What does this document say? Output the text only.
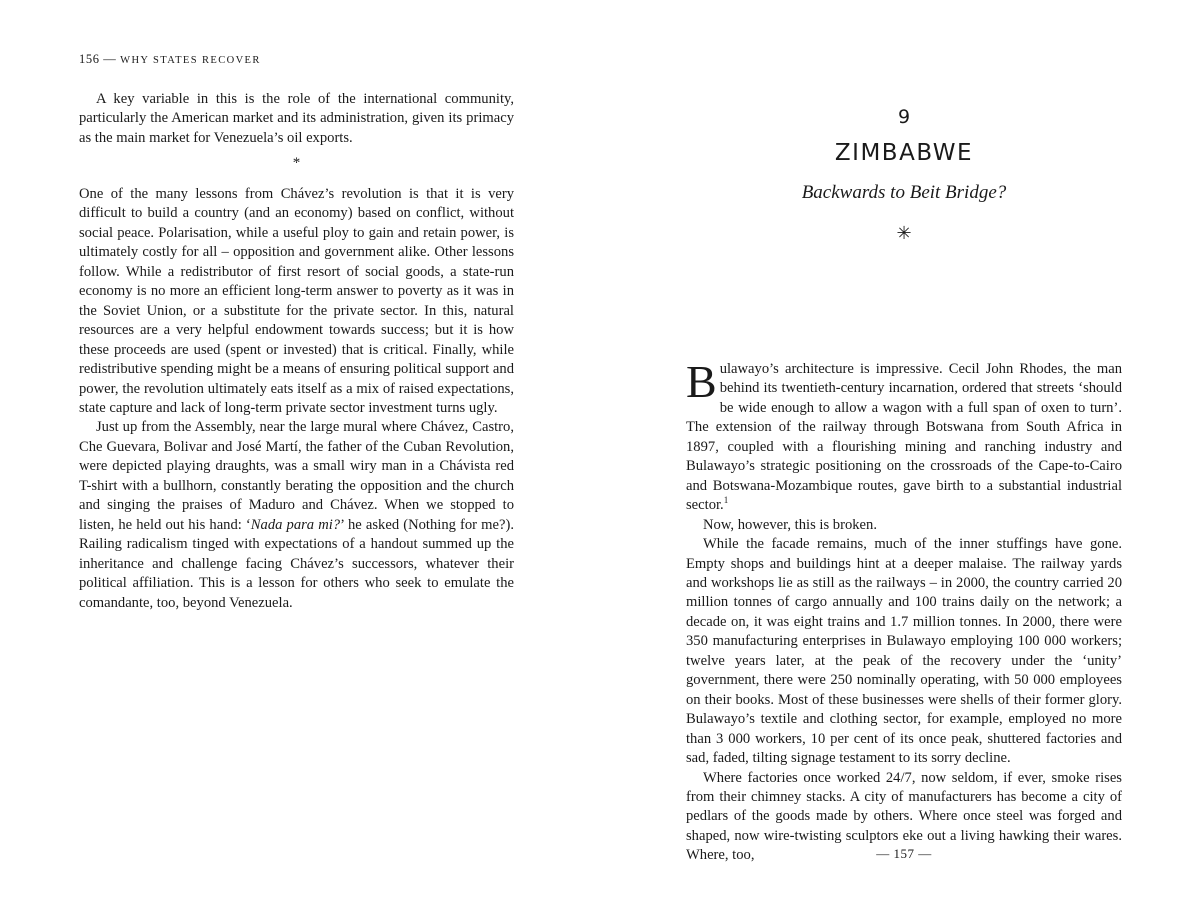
156 — WHY STATES RECOVER

A key variable in this is the role of the international community, particularly the American market and its administration, given its primacy as the main market for Venezuela’s oil exports.

*

One of the many lessons from Chávez’s revolution is that it is very difficult to build a country (and an economy) based on conflict, without social peace. Polarisation, while a useful ploy to gain and retain power, is ultimately costly for all – opposition and government alike. Other lessons follow. While a redistributor of first resort of social goods, a state-run economy is no more an efficient long-term answer to poverty as it was in the Soviet Union, or a substitute for the private sector. In this, natural resources are a very helpful endowment towards success; but it is how these proceeds are used (spent or invested) that is critical. Finally, while redistributive spending might be a means of ensuring political support and power, the revolution ultimately eats itself as a mix of raised expectations, state capture and lack of long-term private sector investment turns ugly.

Just up from the Assembly, near the large mural where Chávez, Castro, Che Guevara, Bolivar and José Martí, the father of the Cuban Revolution, were depicted playing draughts, was a small wiry man in a Chávista red T-shirt with a bullhorn, constantly berating the opposition and the church and singing the praises of Maduro and Chávez. When we stopped to listen, he held out his hand: ‘Nada para mi?’ he asked (Nothing for me?). Railing radicalism tinged with expectations of a handout summed up the inheritance and challenge facing Chávez’s successors, whatever their political affiliation. This is a lesson for others who seek to emulate the comandante, too, beyond Venezuela.

9
ZIMBABWE
Backwards to Beit Bridge?
✳

Bulawayo’s architecture is impressive. Cecil John Rhodes, the man behind its twentieth-century incarnation, ordered that streets ‘should be wide enough to allow a wagon with a full span of oxen to turn’. The extension of the railway through Botswana from South Africa in 1897, coupled with a flourishing mining and ranching industry and Bulawayo’s strategic positioning on the crossroads of the Cape-to-Cairo and Botswana-Mozambique routes, gave birth to a substantial industrial sector.$^1$

Now, however, this is broken.

While the facade remains, much of the inner stuffings have gone. Empty shops and buildings hint at a deeper malaise. The railway yards and workshops lie as still as the railways – in 2000, the country carried 20 million tonnes of cargo annually and 100 trains daily on the network; a decade on, it was eight trains and 1.7 million tonnes. In 2000, there were 350 manufacturing enterprises in Bulawayo employing 100 000 workers; twelve years later, at the peak of the recovery under the ‘unity’ government, there were 250 nominally operating, with 50 000 employees on their books. Most of these businesses were shells of their former glory. Bulawayo’s textile and clothing sector, for example, employed no more than 3 000 workers, 10 per cent of its once peak, shuttered factories and sad, faded, tilting signage testament to its sorry decline.

Where factories once worked 24/7, now seldom, if ever, smoke rises from their chimney stacks. A city of manufacturers has become a city of pedlars of the goods made by others. Where once steel was forged and shaped, now wire-twisting sculptors eke out a living hawking their wares. Where, too,	— 157 —
